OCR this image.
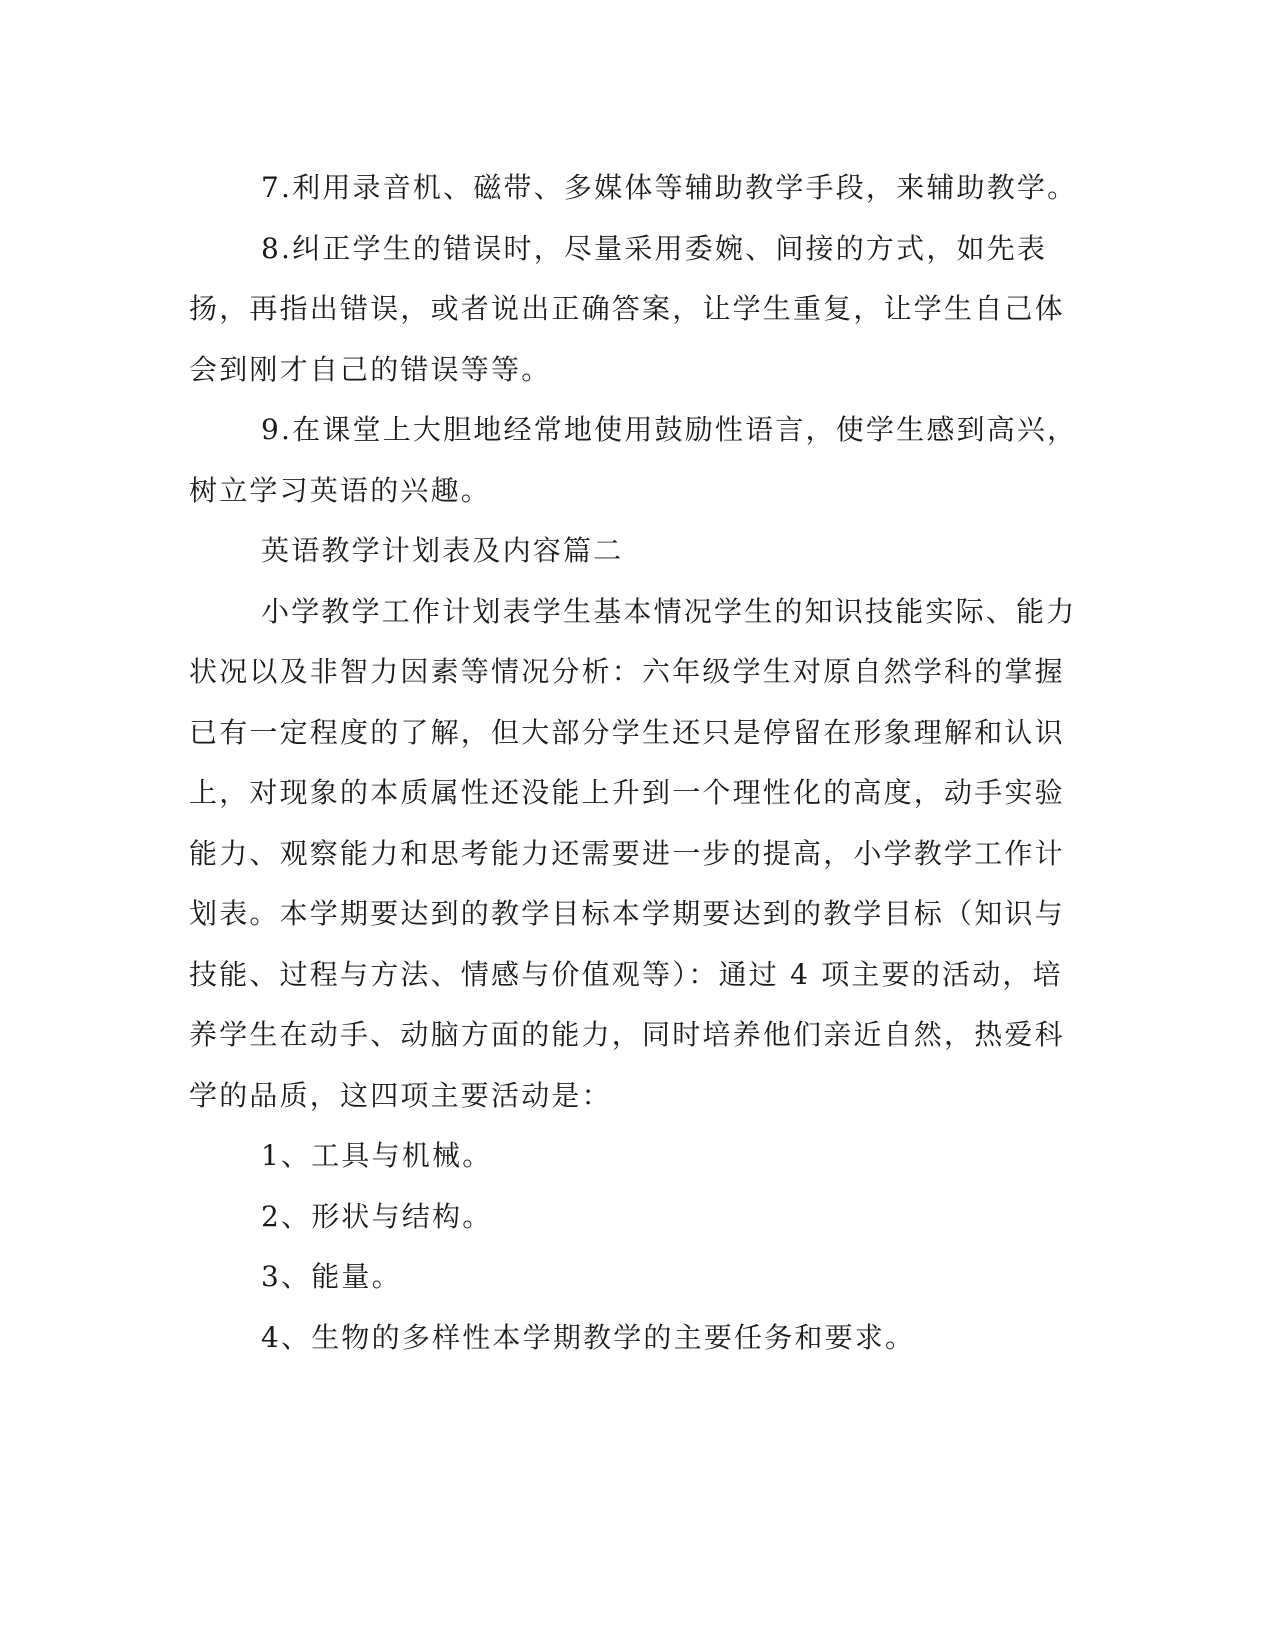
7.利用录音机、磁带、多媒体等辅助教学手段，来辅助教学。

8.纠正学生的错误时，尽量采用委婉、间接的方式，如先表扬，再指出错误，或者说出正确答案，让学生重复，让学生自己体会到刚才自己的错误等等。

9.在课堂上大胆地经常地使用鼓励性语言，使学生感到高兴，树立学习英语的兴趣。

英语教学计划表及内容篇二

小学教学工作计划表学生基本情况学生的知识技能实际、能力状况以及非智力因素等情况分析：六年级学生对原自然学科的掌握已有一定程度的了解，但大部分学生还只是停留在形象理解和认识上，对现象的本质属性还没能上升到一个理性化的高度，动手实验能力、观察能力和思考能力还需要进一步的提高，小学教学工作计划表。本学期要达到的教学目标本学期要达到的教学目标（知识与技能、过程与方法、情感与价值观等）：通过 4 项主要的活动，培养学生在动手、动脑方面的能力，同时培养他们亲近自然，热爱科学的品质，这四项主要活动是：

1、工具与机械。

2、形状与结构。

3、能量。

4、生物的多样性本学期教学的主要任务和要求。
